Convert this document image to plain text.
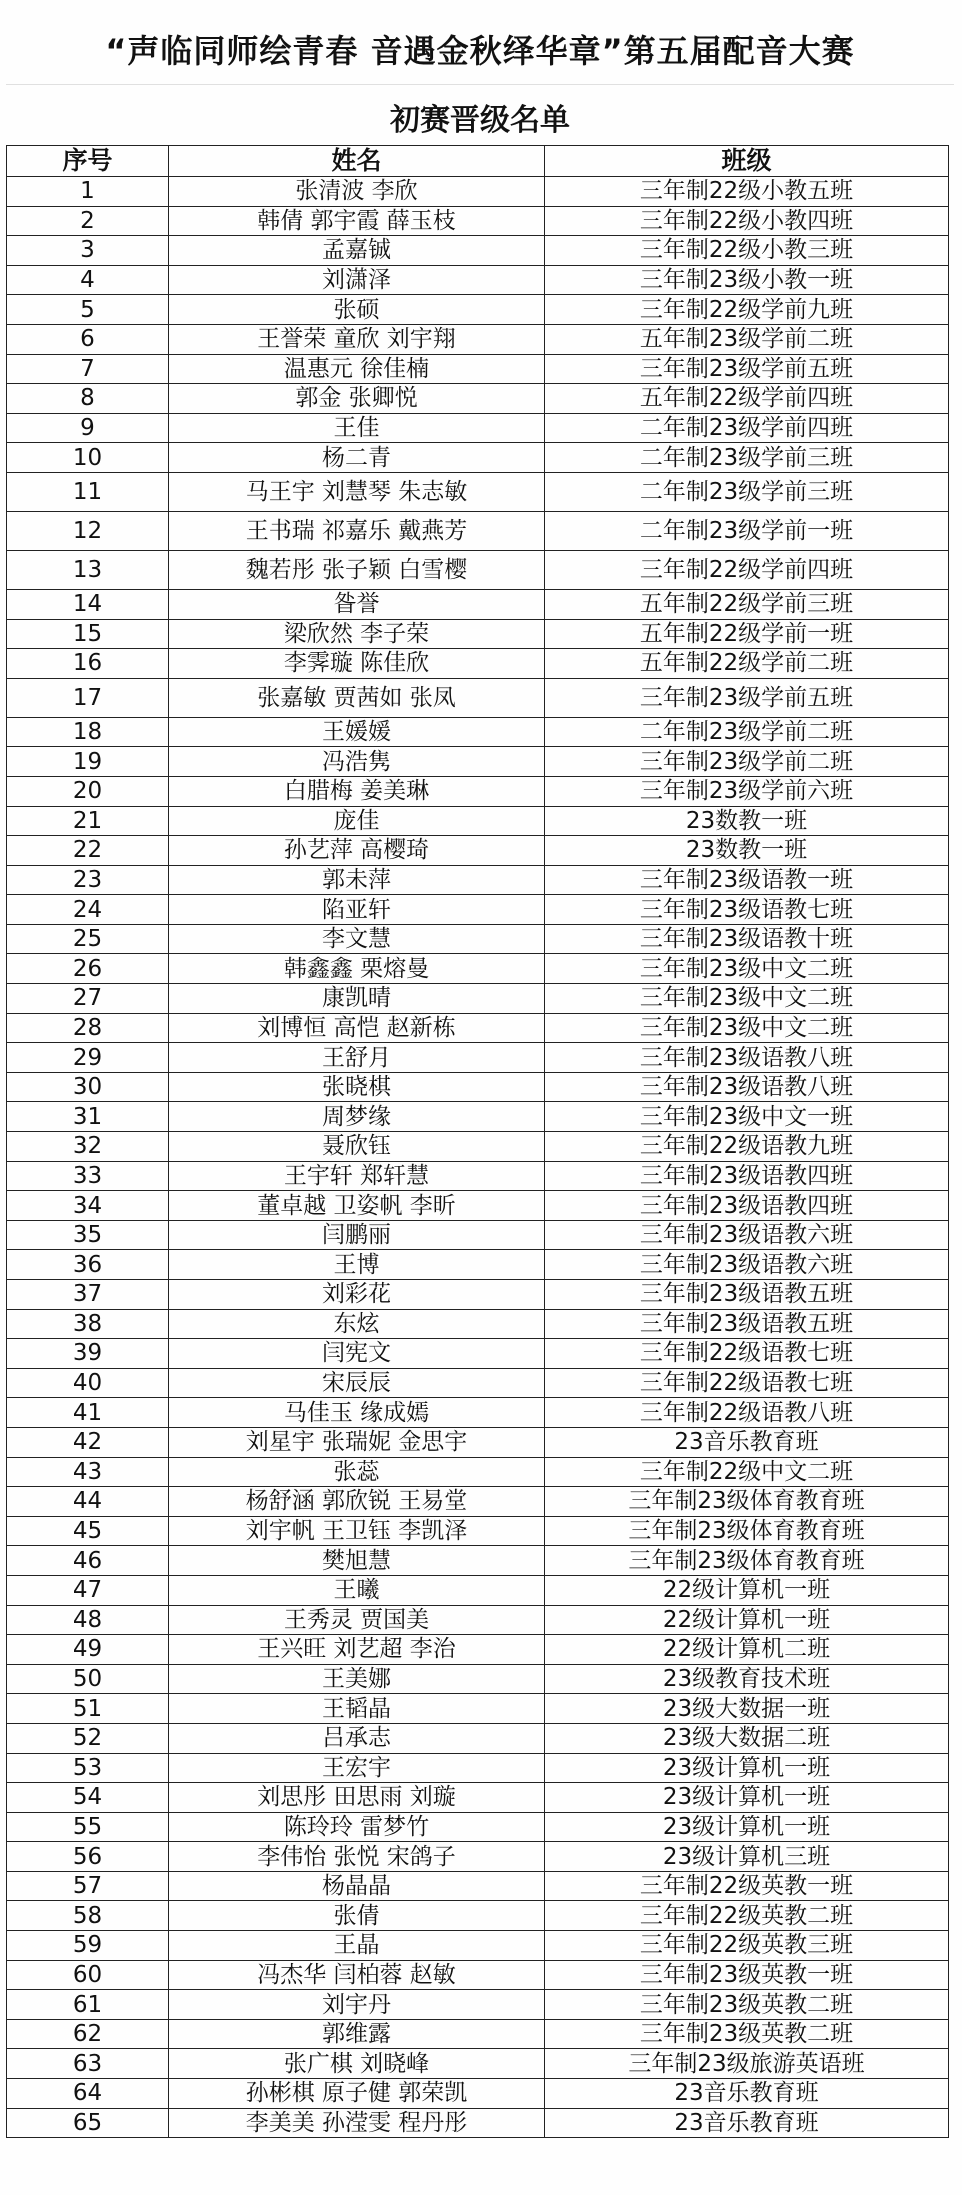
“声临同师绘青春 音遇金秋绎华章”第五届配音大赛
初赛晋级名单
序号	姓名	班级
1	张清波 李欣	三年制22级小教五班
2	韩倩 郭宇霞 薛玉枝	三年制22级小教四班
3	孟嘉铖	三年制22级小教三班
4	刘潇泽	三年制23级小教一班
5	张硕	三年制22级学前九班
6	王誉荣 童欣 刘宇翔	五年制23级学前二班
7	温惠元 徐佳楠	三年制23级学前五班
8	郭金 张卿悦	五年制22级学前四班
9	王佳	二年制23级学前四班
10	杨二青	二年制23级学前三班
11	马王宇 刘慧琴 朱志敏	二年制23级学前三班
12	王书瑞 祁嘉乐 戴燕芳	二年制23级学前一班
13	魏若彤 张子颖 白雪樱	三年制22级学前四班
14	昝誉	五年制22级学前三班
15	梁欣然 李子荣	五年制22级学前一班
16	李霁璇 陈佳欣	五年制22级学前二班
17	张嘉敏 贾茜如 张凤	三年制23级学前五班
18	王媛媛	二年制23级学前二班
19	冯浩隽	三年制23级学前二班
20	白腊梅 姜美琳	三年制23级学前六班
21	庞佳	23数教一班
22	孙艺萍 高樱琦	23数教一班
23	郭未萍	三年制23级语教一班
24	陷亚轩	三年制23级语教七班
25	李文慧	三年制23级语教十班
26	韩鑫鑫 栗熔曼	三年制23级中文二班
27	康凯晴	三年制23级中文二班
28	刘博恒 高恺 赵新栋	三年制23级中文二班
29	王舒月	三年制23级语教八班
30	张晓棋	三年制23级语教八班
31	周梦缘	三年制23级中文一班
32	聂欣钰	三年制22级语教九班
33	王宇轩 郑轩慧	三年制23级语教四班
34	董卓越 卫姿帆 李昕	三年制23级语教四班
35	闫鹏丽	三年制23级语教六班
36	王博	三年制23级语教六班
37	刘彩花	三年制23级语教五班
38	东炫	三年制23级语教五班
39	闫宪文	三年制22级语教七班
40	宋辰辰	三年制22级语教七班
41	马佳玉 缘成嫣	三年制22级语教八班
42	刘星宇 张瑞妮 金思宇	23音乐教育班
43	张蕊	三年制22级中文二班
44	杨舒涵 郭欣锐 王易堂	三年制23级体育教育班
45	刘宇帆 王卫钰 李凯泽	三年制23级体育教育班
46	樊旭慧	三年制23级体育教育班
47	王曦	22级计算机一班
48	王秀灵 贾国美	22级计算机一班
49	王兴旺 刘艺超 李治	22级计算机二班
50	王美娜	23级教育技术班
51	王韬晶	23级大数据一班
52	吕承志	23级大数据二班
53	王宏宇	23级计算机一班
54	刘思彤 田思雨 刘璇	23级计算机一班
55	陈玲玲 雷梦竹	23级计算机一班
56	李伟怡 张悦 宋鸽子	23级计算机三班
57	杨晶晶	三年制22级英教一班
58	张倩	三年制22级英教二班
59	王晶	三年制22级英教三班
60	冯杰华 闫柏蓉 赵敏	三年制23级英教一班
61	刘宇丹	三年制23级英教二班
62	郭维露	三年制23级英教二班
63	张广棋 刘晓峰	三年制23级旅游英语班
64	孙彬棋 原子健 郭荣凯	23音乐教育班
65	李美美 孙滢雯 程丹彤	23音乐教育班
